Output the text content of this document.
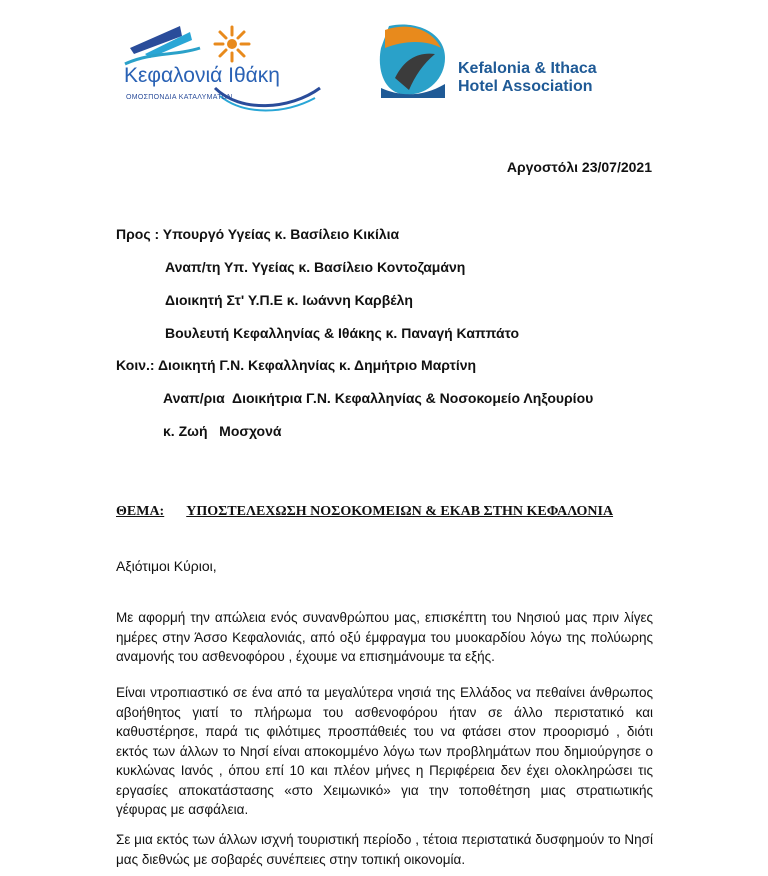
Κεφαλονιά Ιθάκη
ΟΜΟΣΠΟΝΔΙΑ ΚΑΤΑΛΥΜΑΤΩΝ
Kefalonia & Ithaca
Hotel Association
Αργοστόλι 23/07/2021
Προς : Υπουργό Υγείας κ. Βασίλειο Κικίλια
Αναπ/τη Υπ. Υγείας κ. Βασίλειο Κοντοζαμάνη
Διοικητή Στ' Υ.Π.Ε κ. Ιωάννη Καρβέλη
Βουλευτή Κεφαλληνίας & Ιθάκης κ. Παναγή Καππάτο
Κοιν.: Διοικητή Γ.Ν. Κεφαλληνίας κ. Δημήτριο Μαρτίνη
Αναπ/ρια  Διοικήτρια Γ.Ν. Κεφαλληνίας & Νοσοκομείο Ληξουρίου
κ. Ζωή   Μοσχονά
ΘΕΜΑ: ΥΠΟΣΤΕΛΕΧΩΣΗ ΝΟΣΟΚΟΜΕΙΩΝ & ΕΚΑΒ ΣΤΗΝ ΚΕΦΑΛΟΝΙΑ
Αξιότιμοι Κύριοι,
Με αφορμή την απώλεια ενός συνανθρώπου μας, επισκέπτη του Νησιού μας πριν λίγες ημέρες στην Άσσο Κεφαλονιάς, από οξύ έμφραγμα του μυοκαρδίου λόγω της πολύωρης αναμονής του ασθενοφόρου , έχουμε να επισημάνουμε τα εξής.
Είναι ντροπιαστικό σε ένα από τα μεγαλύτερα νησιά της Ελλάδος να πεθαίνει άνθρωπος αβοήθητος γιατί το πλήρωμα του ασθενοφόρου ήταν σε άλλο περιστατικό και καθυστέρησε, παρά τις φιλότιμες προσπάθειές του να φτάσει στον προορισμό , διότι εκτός των άλλων το Νησί είναι αποκομμένο λόγω των προβλημάτων που δημιούργησε ο κυκλώνας Ιανός , όπου επί 10 και πλέον μήνες η Περιφέρεια δεν έχει ολοκληρώσει τις εργασίες αποκατάστασης «στο Χειμωνικό» για την τοποθέτηση μιας στρατιωτικής γέφυρας με ασφάλεια.
Σε μια εκτός των άλλων ισχνή τουριστική περίοδο , τέτοια περιστατικά δυσφημούν το Νησί μας διεθνώς με σοβαρές συνέπειες στην τοπική οικονομία.
